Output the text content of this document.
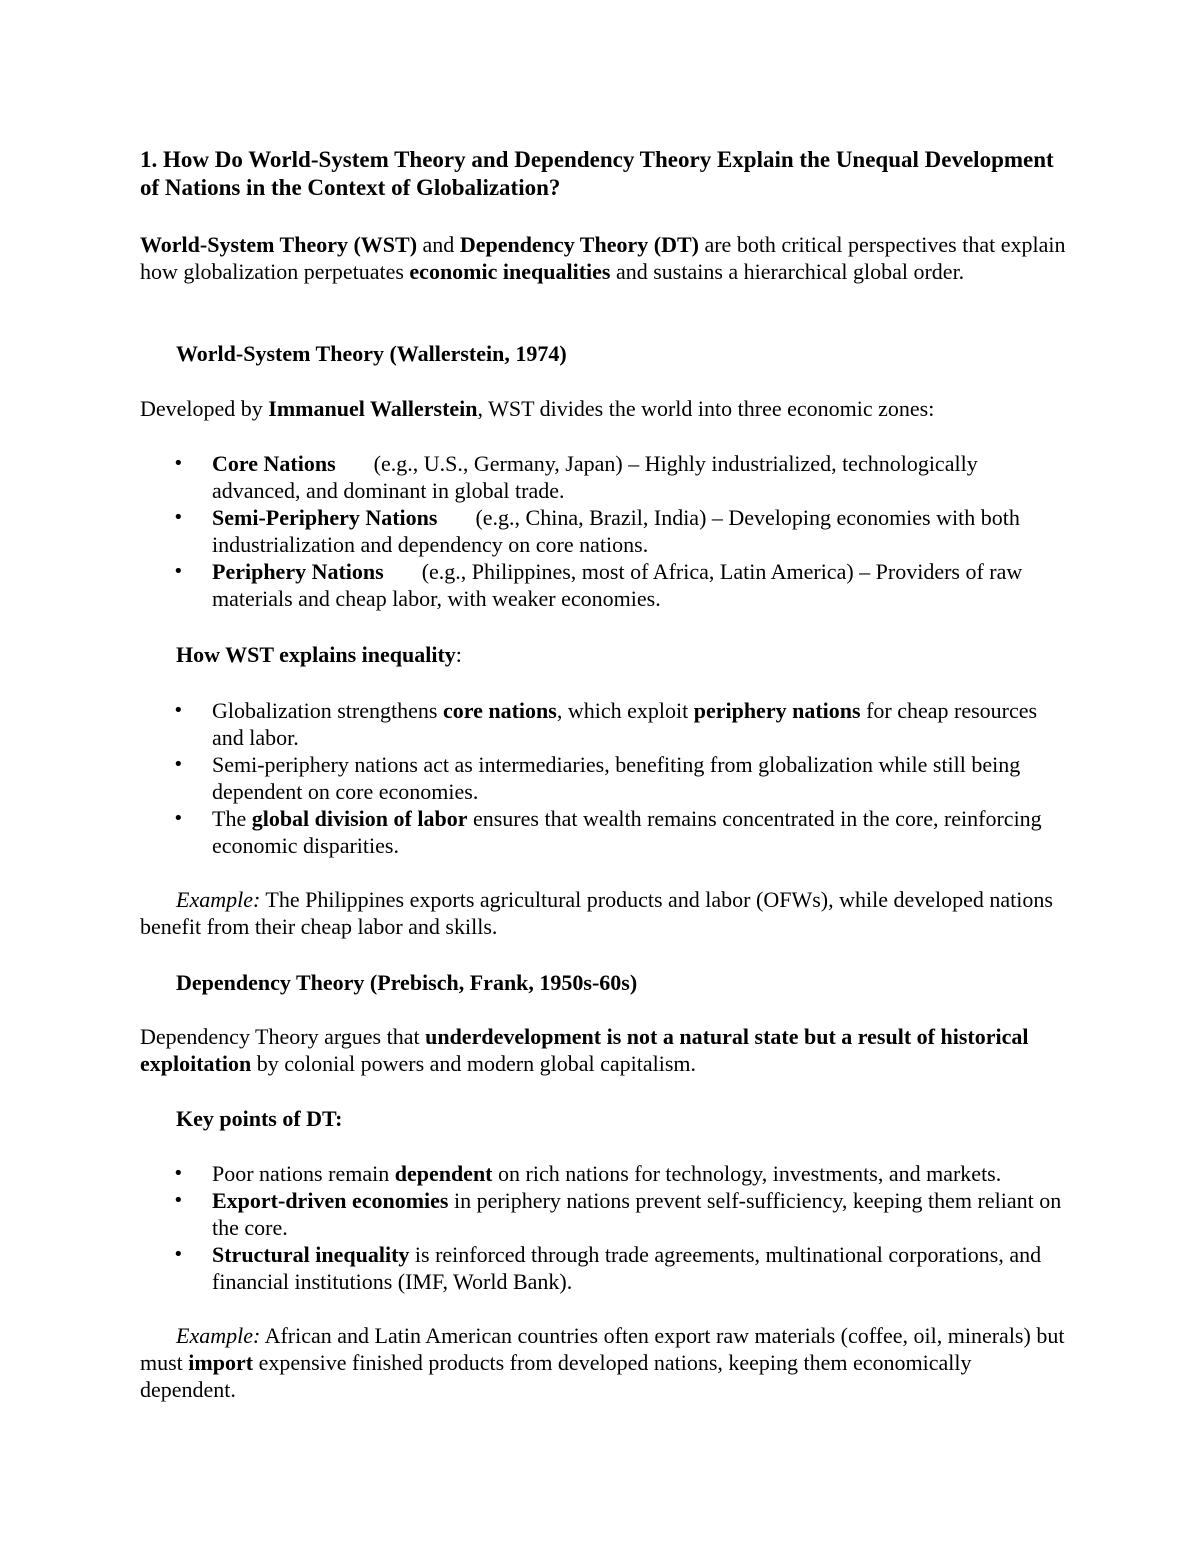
1. How Do World-System Theory and Dependency Theory Explain the Unequal Development of Nations in the Context of Globalization?

World-System Theory (WST) and Dependency Theory (DT) are both critical perspectives that explain how globalization perpetuates economic inequalities and sustains a hierarchical global order.

World-System Theory (Wallerstein, 1974)

Developed by Immanuel Wallerstein, WST divides the world into three economic zones:

• Core Nations (e.g., U.S., Germany, Japan) – Highly industrialized, technologically advanced, and dominant in global trade.
• Semi-Periphery Nations (e.g., China, Brazil, India) – Developing economies with both industrialization and dependency on core nations.
• Periphery Nations (e.g., Philippines, most of Africa, Latin America) – Providers of raw materials and cheap labor, with weaker economies.

How WST explains inequality:

• Globalization strengthens core nations, which exploit periphery nations for cheap resources and labor.
• Semi-periphery nations act as intermediaries, benefiting from globalization while still being dependent on core economies.
• The global division of labor ensures that wealth remains concentrated in the core, reinforcing economic disparities.

Example: The Philippines exports agricultural products and labor (OFWs), while developed nations benefit from their cheap labor and skills.

Dependency Theory (Prebisch, Frank, 1950s-60s)

Dependency Theory argues that underdevelopment is not a natural state but a result of historical exploitation by colonial powers and modern global capitalism.

Key points of DT:

• Poor nations remain dependent on rich nations for technology, investments, and markets.
• Export-driven economies in periphery nations prevent self-sufficiency, keeping them reliant on the core.
• Structural inequality is reinforced through trade agreements, multinational corporations, and financial institutions (IMF, World Bank).

Example: African and Latin American countries often export raw materials (coffee, oil, minerals) but must import expensive finished products from developed nations, keeping them economically dependent.
